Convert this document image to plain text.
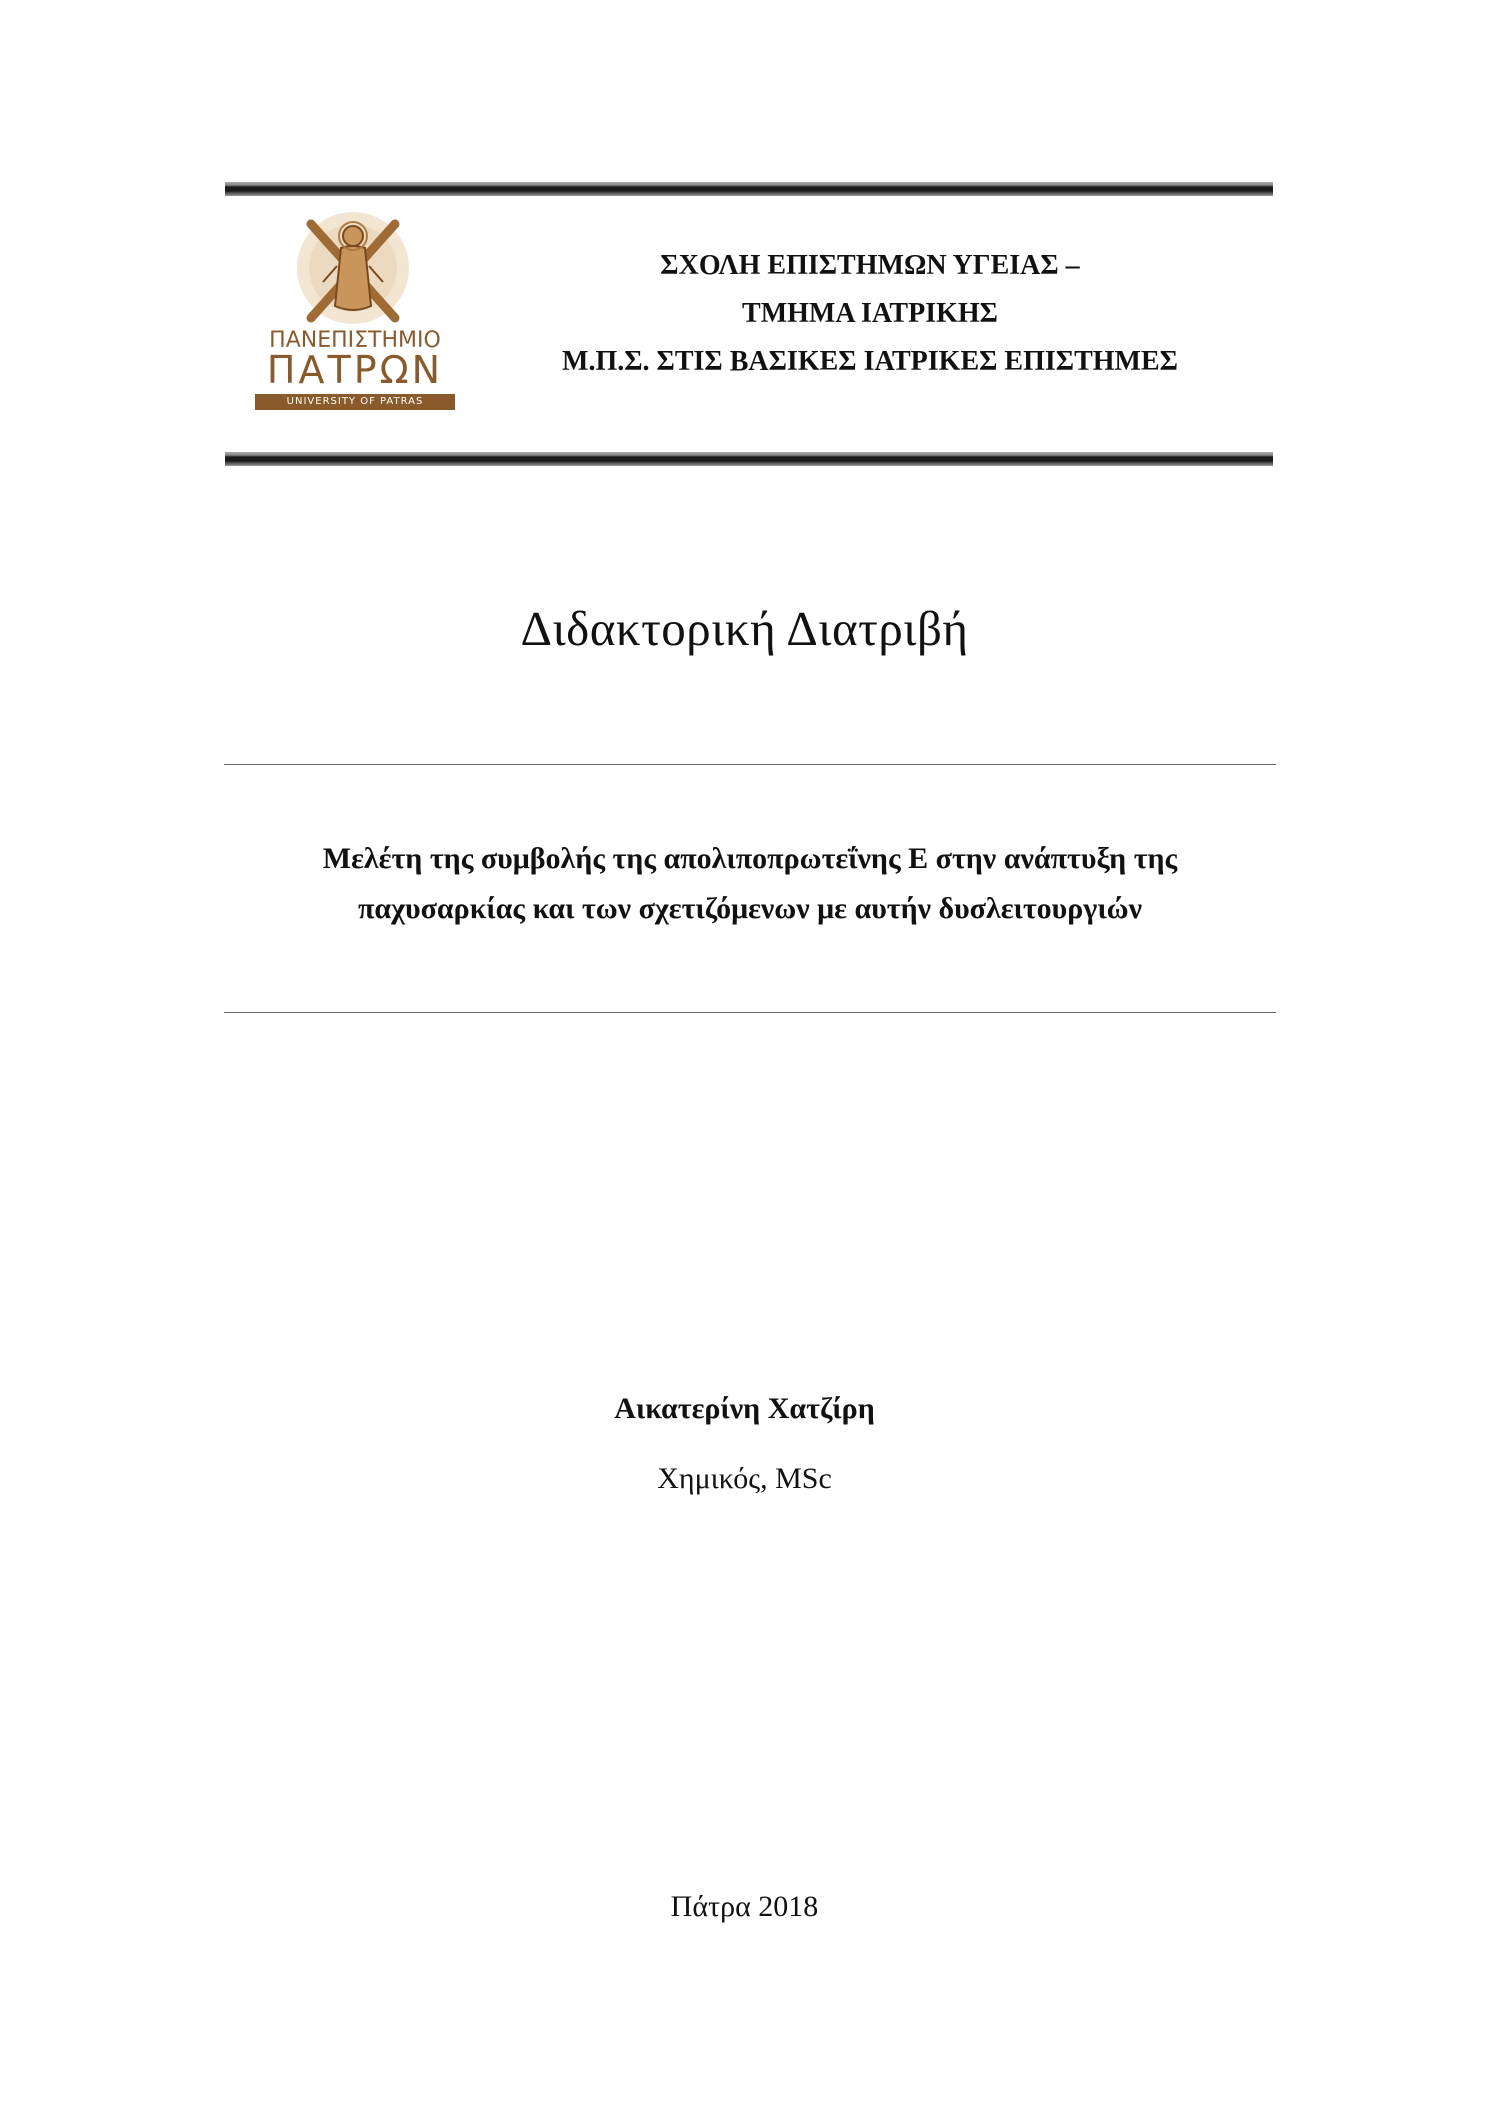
ΠΑΝΕΠΙΣΤΗΜΙΟ
ΠΑΤΡΩΝ
UNIVERSITY OF PATRAS
ΣΧΟΛΗ ΕΠΙΣΤΗΜΩΝ ΥΓΕΙΑΣ –
ΤΜΗΜΑ ΙΑΤΡΙΚΗΣ
Μ.Π.Σ. ΣΤΙΣ ΒΑΣΙΚΕΣ ΙΑΤΡΙΚΕΣ ΕΠΙΣΤΗΜΕΣ
Διδακτορική Διατριβή
Μελέτη της συμβολής της απολιποπρωτεΐνης Ε στην ανάπτυξη της
παχυσαρκίας και των σχετιζόμενων με αυτήν δυσλειτουργιών
Αικατερίνη Χατζίρη
Χημικός, MSc
Πάτρα 2018
